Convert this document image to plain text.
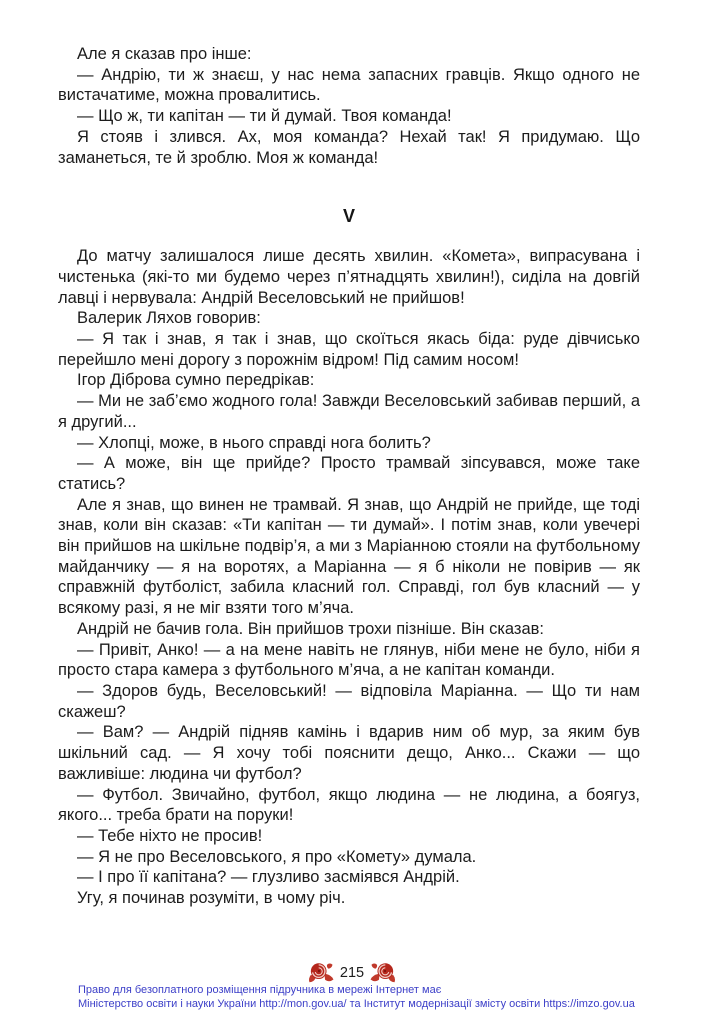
Але я сказав про інше:

— Андрію, ти ж знаєш, у нас нема запасних гравців. Якщо одного не вистачатиме, можна провалитись.

— Що ж, ти капітан — ти й думай. Твоя команда!

Я стояв і злився. Ах, моя команда? Нехай так! Я придумаю. Що заманеться, те й зроблю. Моя ж команда!

V

До матчу залишалося лише десять хвилин. «Комета», випрасувана і чистенька (які-то ми будемо через п’ятнадцять хвилин!), сиділа на довгій лавці і нервувала: Андрій Веселовський не прийшов!

Валерик Ляхов говорив:

— Я так і знав, я так і знав, що скоїться якась біда: руде дівчисько перейшло мені дорогу з порожнім відром! Під самим носом!

Ігор Діброва сумно передрікав:

— Ми не заб’ємо жодного гола! Завжди Веселовський забивав перший, а я другий...

— Хлопці, може, в нього справді нога болить?

— А може, він ще прийде? Просто трамвай зіпсувався, може таке статись?

Але я знав, що винен не трамвай. Я знав, що Андрій не прийде, ще тоді знав, коли він сказав: «Ти капітан — ти думай». І потім знав, коли увечері він прийшов на шкільне подвір’я, а ми з Маріанною стояли на футбольному майданчику — я на воротях, а Маріанна — я б ніколи не повірив — як справжній футболіст, забила класний гол. Справді, гол був класний — у всякому разі, я не міг взяти того м’яча.

Андрій не бачив гола. Він прийшов трохи пізніше. Він сказав:

— Привіт, Анко! — а на мене навіть не глянув, ніби мене не було, ніби я просто стара камера з футбольного м’яча, а не капітан команди.

— Здоров будь, Веселовський! — відповіла Маріанна. — Що ти нам скажеш?

— Вам? — Андрій підняв камінь і вдарив ним об мур, за яким був шкільний сад. — Я хочу тобі пояснити дещо, Анко... Скажи — що важливіше: людина чи футбол?

— Футбол. Звичайно, футбол, якщо людина — не людина, а боягуз, якого... треба брати на поруки!

— Тебе ніхто не просив!

— Я не про Веселовського, я про «Комету» думала.

— І про її капітана? — глузливо засміявся Андрій.

Угу, я починав розуміти, в чому річ.

215
Право для безоплатного розміщення підручника в мережі Інтернет має
Міністерство освіти і науки України http://mon.gov.ua/ та Інститут модернізації змісту освіти https://imzo.gov.ua
